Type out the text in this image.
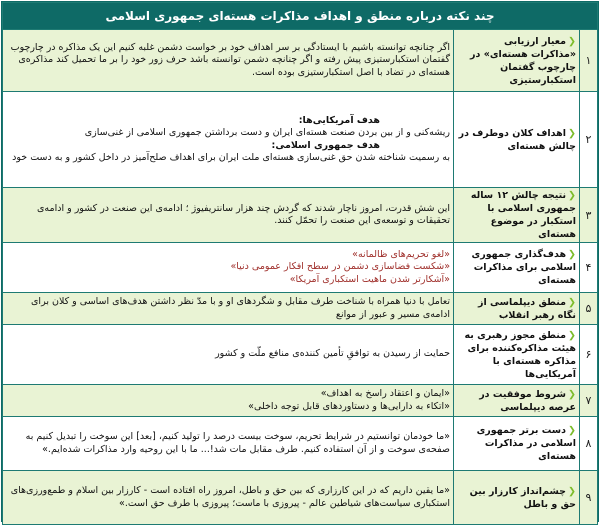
چند نکته درباره منطق و اهداف مذاکرات هسته‌ای جمهوری اسلامی		
۱	❮معیار ارزیابی «مذاکرات هسته‌ای» در چارچوب گفتمان استکبارستیزی	اگر چنانچه توانسته باشیم با ایستادگی بر سر اهداف خود بر خواست دشمن غلبه کنیم این یک مذاکره در چارچوب گفتمان استکبارستیزی پیش رفته و اگر چنانچه دشمن توانسته باشد حرف زور خود را بر ما تحمیل کند مذاکره‌ی هسته‌ای در تضاد با اصل استکبارستیزی بوده است.
۲	❮اهداف کلان دوطرف در چالش هسته‌ای	هدف آمریکایی‌ها:
ریشه‌کنی و از بین بردن صنعت هسته‌ای ایران و دست برداشتن جمهوری اسلامی از غنی‌سازی
هدف جمهوری اسلامی:
به رسمیت شناخته شدن حق غنی‌سازی هسته‌ای ملت ایران برای اهداف صلح‌آمیز در داخل کشور و به دست خود

۳	❮نتیجه چالش ۱۲ ساله جمهوری اسلامی با استکبار در موضوع هسته‌ای	این شش قدرت، امروز ناچار شدند که گردش چند هزار سانتریفیوژ ؛ ادامه‌ی این صنعت در کشور و ادامه‌ی تحقیقات و توسعه‌ی این صنعت را تحمّل کنند.
۴	❮هدف‌گذاری جمهوری اسلامی برای مذاکرات هسته‌ای	«لغو تحریم‌های ظالمانه»
«شکست فضاسازی دشمن در سطح افکار عمومی دنیا»
«آشکارتر شدن ماهیت استکباری آمریکا»

۵	❮منطق دیپلماسی از نگاه رهبر انقلاب	تعامل با دنیا همراه با شناخت طرف مقابل و شگردهای او و با مدّ نظر داشتن هدف‌های اساسی و کلان برای ادامه‌ی مسیر و عبور از موانع
۶	❮منطق مجوز رهبری به هیئت مذاکره‌کننده برای مذاکره هسته‌ای با آمریکایی‌ها	حمایت از رسیدن به توافقِ تأمین کننده‌ی منافع ملّت و کشور
۷	❮شروط موفقیت در عرصه دیپلماسی	«ایمان و اعتقاد راسخ به اهداف»
«اتکاء به دارایی‌ها و دستاوردهای قابل توجه داخلی»

۸	❮دست برتر جمهوری اسلامی در مذاکرات هسته‌ای	«ما خودمان توانستیم در شرایط تحریم، سوخت بیست درصد را تولید کنیم، [بعد] این سوخت را تبدیل کنیم به صفحه‌ی سوخت و از آن استفاده کنیم. طرف مقابل مات شد!... ما با این روحیه وارد مذاکرات شده‌ایم.»
۹	❮چشم‌انداز کارزار بین حق و باطل	«ما یقین داریم که در این کارزاری که بین حق و باطل، امروز راه افتاده است - کارزار بین اسلام و طمع‌ورزی‌های استکباری سیاست‌های شیاطین عالم - پیروزی با ماست؛ پیروزی با طرف حق است.»
